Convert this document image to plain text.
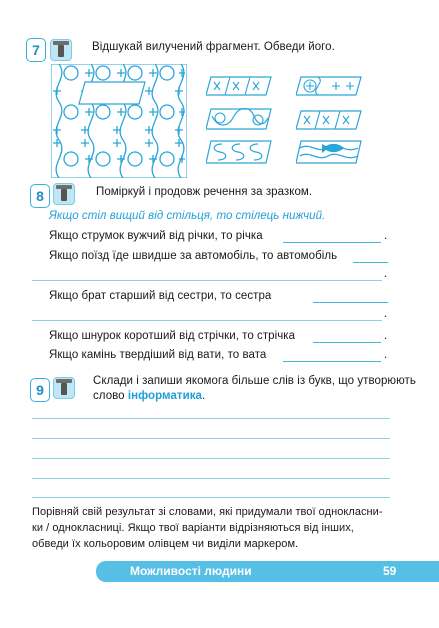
7	Відшукай вилучений фрагмент. Обведи його.
8	Поміркуй і продовж речення за зразком.
Якщо стіл вищий від стільця, то стілець нижчий.
Якщо струмок вужчий від річки, то річка	.
Якщо поїзд їде швидше за автомобіль, то автомобіль
.
Якщо брат старший від сестри, то сестра
.
Якщо шнурок коротший від стрічки, то стрічка	.
Якщо камінь твердіший від вати, то вата	.
9
Склади і запиши якомога більше слів із букв, що утворюють
слово інформатика.
Порівняй свій результат зі словами, які придумали твої однокласни-
ки / однокласниці. Якщо твої варіанти відрізняються від інших,
обведи їх кольоровим олівцем чи виділи маркером.
Можливості людини	59
